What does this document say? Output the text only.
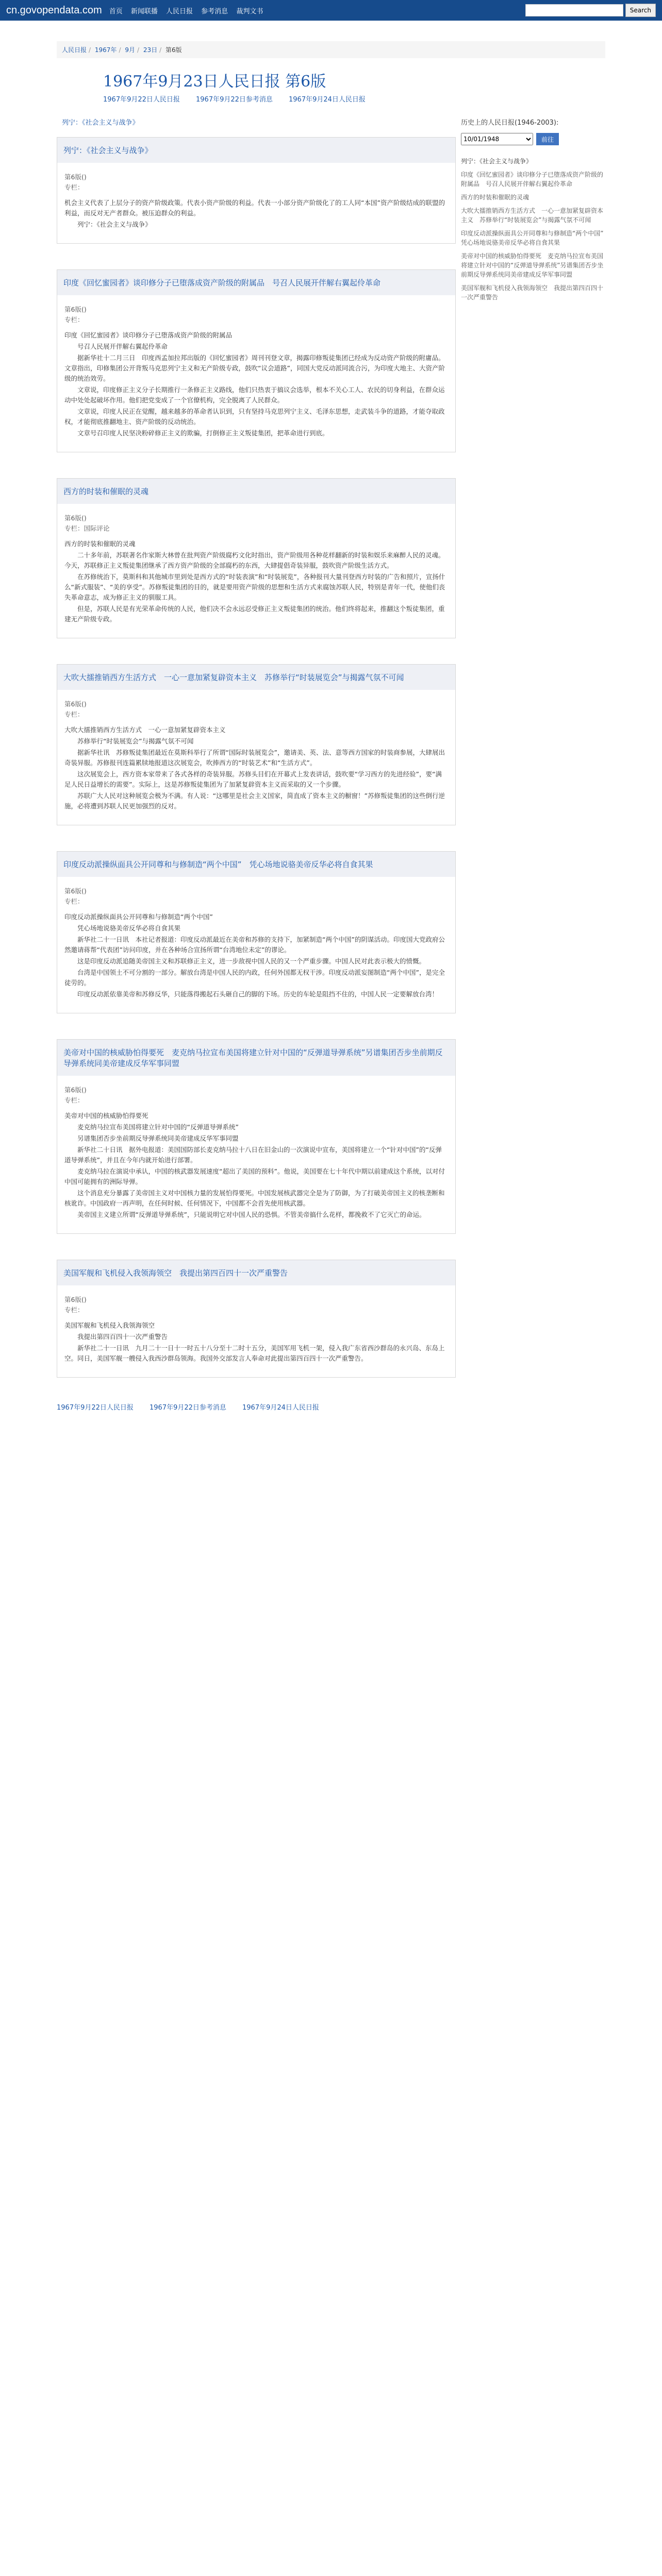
cn.govopendata.com 首页 新闻联播 人民日报 参考消息 裁判文书	Search
人民日报 / 1967年 / 9月 / 23日 / 第6版
1967年9月23日人民日报 第6版
1967年9月22日人民日报	1967年9月22日参考消息	1967年9月24日人民日报
列宁：《社会主义与战争》
列宁：《社会主义与战争》
第6版()
专栏：
机会主义代表了上层分子的资产阶级政策。代表小资产阶级的利益。代表一小部分资产阶级化了的工人同“本国”资产阶级结成的联盟的利益，而反对无产者群众。被压迫群众的利益。
列宁：《社会主义与战争》
印度《回忆蜜园者》谈印修分子已堕落成资产阶级的附属品　号召人民展开伴解右翼起伶革命
第6版()
专栏：
印度《回忆蜜园者》谈印修分子已堕落成资产阶级的附属品
号召人民展开伴解右翼起伶革命
据新华社十二月三日　印度西孟加拉邦出版的《回忆蜜园者》周刊刊登文章，揭露印修叛徒集团已经成为反动资产阶级的附庸品。文章指出，印修集团公开背叛马克思列宁主义和无产阶级专政，鼓吹“议会道路”，同国大党反动派同流合污，为印度大地主、大资产阶级的统治效劳。
文章说，印度修正主义分子长期推行一条修正主义路线，他们只热衷于搞议会选举，根本不关心工人、农民的切身利益，在群众运动中处处起破坏作用。他们把党变成了一个官僚机构，完全脱离了人民群众。
文章说，印度人民正在觉醒，越来越多的革命者认识到，只有坚持马克思列宁主义、毛泽东思想，走武装斗争的道路，才能夺取政权，才能彻底推翻地主、资产阶级的反动统治。
文章号召印度人民坚决粉碎修正主义的欺骗，打倒修正主义叛徒集团，把革命进行到底。
西方的时装和催眠的灵魂
第6版()
专栏：国际评论
西方的时装和催眠的灵魂
二十多年前，苏联著名作家斯大林曾在批判资产阶级腐朽文化时指出，资产阶级用各种花样翻新的时装和娱乐来麻醉人民的灵魂。今天，苏联修正主义叛徒集团继承了西方资产阶级的全部腐朽的东西，大肆提倡奇装异服，鼓吹资产阶级生活方式。
在苏修统治下，莫斯科和其他城市里到处是西方式的“时装表演”和“时装展览”，各种报刊大量刊登西方时装的广告和照片，宣扬什么“新式服装”、“美的享受”。苏修叛徒集团的目的，就是要用资产阶级的思想和生活方式来腐蚀苏联人民，特别是青年一代，使他们丧失革命意志，成为修正主义的驯服工具。
但是，苏联人民是有光荣革命传统的人民，他们决不会永远忍受修正主义叛徒集团的统治。他们终将起来，推翻这个叛徒集团，重建无产阶级专政。
大吹大擂推销西方生活方式　一心一意加紧复辟资本主义　苏修举行“时装展览会”与揭露气氛不可闻
第6版()
专栏：
大吹大擂推销西方生活方式　一心一意加紧复辟资本主义
苏修举行“时装展览会”与揭露气氛不可闻
据新华社讯　苏修叛徒集团最近在莫斯科举行了所谓“国际时装展览会”，邀请美、英、法、意等西方国家的时装商参展，大肆展出奇装异服。苏修报刊连篇累牍地报道这次展览会，吹捧西方的“时装艺术”和“生活方式”。
这次展览会上，西方资本家带来了各式各样的奇装异服。苏修头目们在开幕式上发表讲话，鼓吹要“学习西方的先进经验”，要“满足人民日益增长的需要”。实际上，这是苏修叛徒集团为了加紧复辟资本主义而采取的又一个步骤。
苏联广大人民对这种展览会极为不满。有人说：“这哪里是社会主义国家，简直成了资本主义的橱窗！”苏修叛徒集团的这些倒行逆施，必将遭到苏联人民更加强烈的反对。
印度反动派操纵面具公开同尊和与修制造“两个中国”　凭心场地说骆美帝反华必将自食其果
第6版()
专栏：
印度反动派操纵面具公开同尊和与修制造“两个中国”
凭心场地说骆美帝反华必将自食其果
新华社二十一日讯　本社记者报道：印度反动派最近在美帝和苏修的支持下，加紧制造“两个中国”的阴谋活动。印度国大党政府公然邀请蒋帮“代表团”访问印度，并在各种场合宣扬所谓“台湾地位未定”的谬论。
这是印度反动派追随美帝国主义和苏联修正主义，进一步敌视中国人民的又一个严重步骤。中国人民对此表示极大的愤慨。
台湾是中国领土不可分割的一部分。解放台湾是中国人民的内政，任何外国都无权干涉。印度反动派妄图制造“两个中国”，是完全徒劳的。
印度反动派依靠美帝和苏修反华，只能落得搬起石头砸自己的脚的下场。历史的车轮是阻挡不住的，中国人民一定要解放台湾！
美帝对中国的核威胁怕得要死　麦克纳马拉宣布美国将建立针对中国的“反弹道导弹系统”另谱集团否步坐前期反导弹系统同美帝建成反华军事同盟
第6版()
专栏：
美帝对中国的核威胁怕得要死
麦克纳马拉宣布美国将建立针对中国的“反弹道导弹系统”
另谱集团否步坐前期反导弹系统同美帝建成反华军事同盟
新华社二十日讯　据外电报道：美国国防部长麦克纳马拉十八日在旧金山的一次演说中宣布，美国将建立一个“针对中国”的“反弹道导弹系统”，并且在今年内就开始进行部署。
麦克纳马拉在演说中承认，中国的核武器发展速度“超出了美国的预料”。他说，美国要在七十年代中期以前建成这个系统，以对付中国可能拥有的洲际导弹。
这个消息充分暴露了美帝国主义对中国核力量的发展怕得要死。中国发展核武器完全是为了防御，为了打破美帝国主义的核垄断和核讹诈。中国政府一再声明，在任何时候、任何情况下，中国都不会首先使用核武器。
美帝国主义建立所谓“反弹道导弹系统”，只能说明它对中国人民的恐惧。不管美帝搞什么花样，都挽救不了它灭亡的命运。
美国军舰和飞机侵入我领海领空　我提出第四百四十一次严重警告
第6版()
专栏：
美国军舰和飞机侵入我领海领空
我提出第四百四十一次严重警告
新华社二十一日讯　九月二十一日十一时五十八分至十二时十五分，美国军用飞机一架，侵入我广东省西沙群岛的永兴岛、东岛上空。同日，美国军舰一艘侵入我西沙群岛领海。我国外交部发言人奉命对此提出第四百四十一次严重警告。
1967年9月22日人民日报	1967年9月22日参考消息	1967年9月24日人民日报
历史上的人民日报(1946-2003):
10/01/1948
前往
列宁：《社会主义与战争》
印度《回忆蜜园者》谈印修分子已堕落成资产阶级的附属品　号召人民展开伴解右翼起伶革命
西方的时装和催眠的灵魂
大吹大擂推销西方生活方式　一心一意加紧复辟资本主义　苏修举行“时装展览会”与揭露气氛不可闻
印度反动派操纵面具公开同尊和与修制造“两个中国”　凭心场地说骆美帝反华必将自食其果
美帝对中国的核威胁怕得要死　麦克纳马拉宣布美国将建立针对中国的“反弹道导弹系统”另谱集团否步坐前期反导弹系统同美帝建成反华军事同盟
美国军舰和飞机侵入我领海领空　我提出第四百四十一次严重警告
